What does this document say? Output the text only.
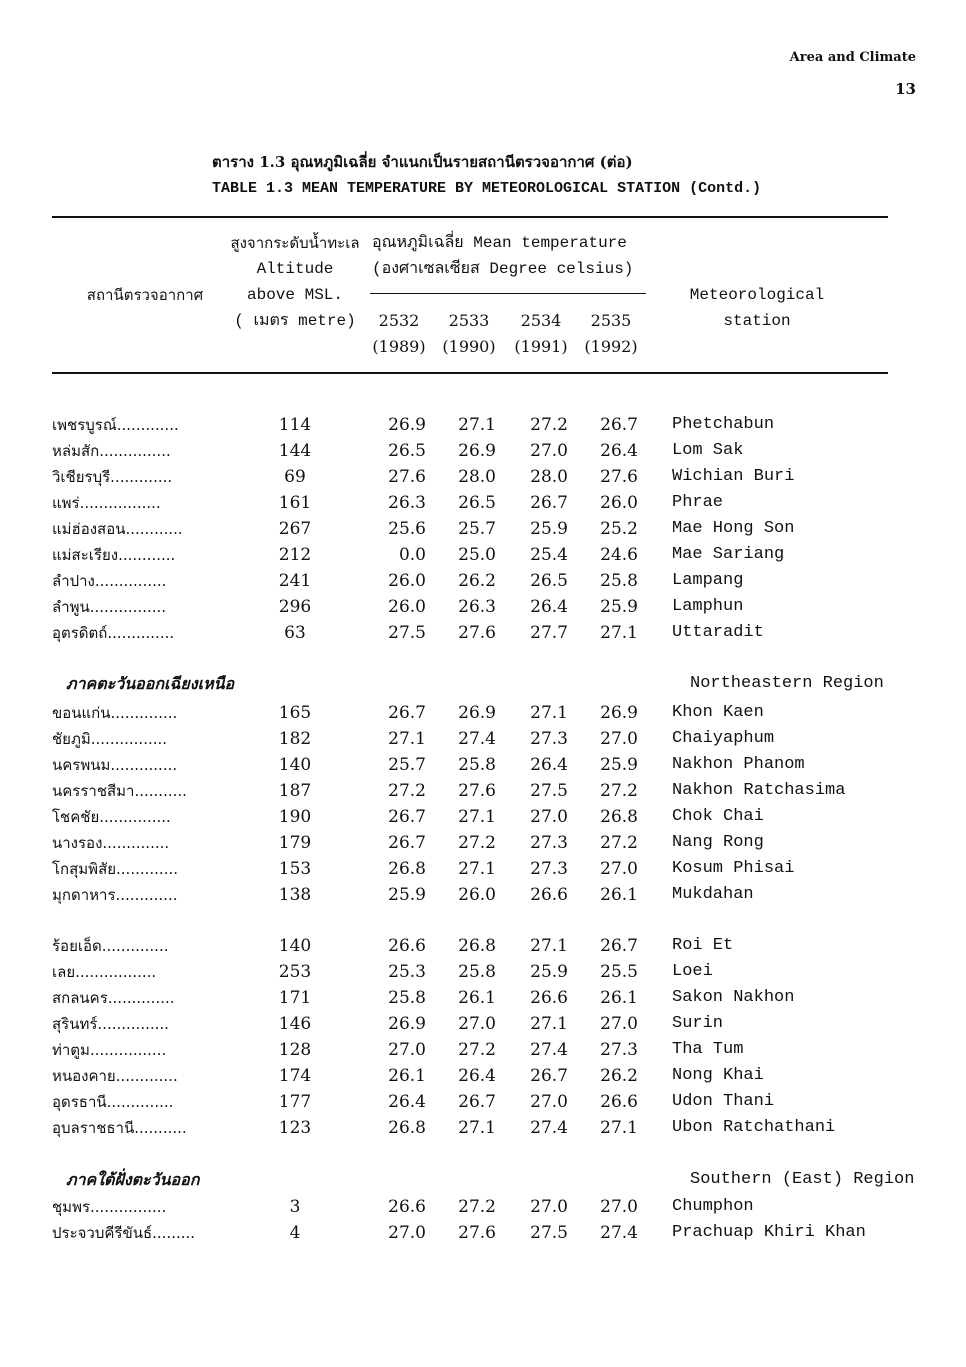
Area and Climate
13
ตาราง 1.3 อุณหภูมิเฉลี่ย จำแนกเป็นรายสถานีตรวจอากาศ (ต่อ)
TABLE 1.3 MEAN TEMPERATURE BY METEOROLOGICAL STATION (Contd.)
สถานีตรวจอากาศ
สูงจากระดับน้ำทะเล
Altitude
above MSL.
( เมตร metre)
อุณหภูมิเฉลี่ย Mean temperature
(องศาเซลเซียส Degree celsius)
2532	2533	2534	2535
(1989) (1990) (1991) (1992)
Meteorological
station
เพชรบูรณ์.............	114	26.9	27.1	27.2	26.7 Phetchabun
หล่มสัก...............	144	26.5	26.9	27.0	26.4 Lom Sak
วิเชียรบุรี.............	69	27.6	28.0	28.0	27.6 Wichian Buri
แพร่.................	161	26.3	26.5	26.7	26.0 Phrae
แม่ฮ่องสอน............	267	25.6	25.7	25.9	25.2 Mae Hong Son
แม่สะเรียง............	212	0.0	25.0	25.4	24.6 Mae Sariang
ลำปาง...............	241	26.0	26.2	26.5	25.8 Lampang
ลำพูน................	296	26.0	26.3	26.4	25.9 Lamphun
อุตรดิตถ์..............	63	27.5	27.6	27.7	27.1 Uttaradit
ภาคตะวันออกเฉียงเหนือ	Northeastern Region
ขอนแก่น..............	165	26.7	26.9	27.1	26.9 Khon Kaen
ชัยภูมิ................	182	27.1	27.4	27.3	27.0 Chaiyaphum
นครพนม..............	140	25.7	25.8	26.4	25.9 Nakhon Phanom
นครราชสีมา...........	187	27.2	27.6	27.5	27.2 Nakhon Ratchasima
โชคชัย...............	190	26.7	27.1	27.0	26.8 Chok Chai
นางรอง..............	179	26.7	27.2	27.3	27.2 Nang Rong
โกสุมพิสัย.............	153	26.8	27.1	27.3	27.0 Kosum Phisai
มุกดาหาร.............	138	25.9	26.0	26.6	26.1 Mukdahan
ร้อยเอ็ด..............	140	26.6	26.8	27.1	26.7 Roi Et
เลย.................	253	25.3	25.8	25.9	25.5 Loei
สกลนคร..............	171	25.8	26.1	26.6	26.1 Sakon Nakhon
สุรินทร์...............	146	26.9	27.0	27.1	27.0 Surin
ท่าตูม................	128	27.0	27.2	27.4	27.3 Tha Tum
หนองคาย.............	174	26.1	26.4	26.7	26.2 Nong Khai
อุดรธานี..............	177	26.4	26.7	27.0	26.6 Udon Thani
อุบลราชธานี...........	123	26.8	27.1	27.4	27.1 Ubon Ratchathani
ภาคใต้ฝั่งตะวันออก	Southern (East) Region
ชุมพร................	3	26.6	27.2	27.0	27.0 Chumphon
ประจวบคีรีขันธ์.........	4	27.0	27.6	27.5	27.4 Prachuap Khiri Khan
